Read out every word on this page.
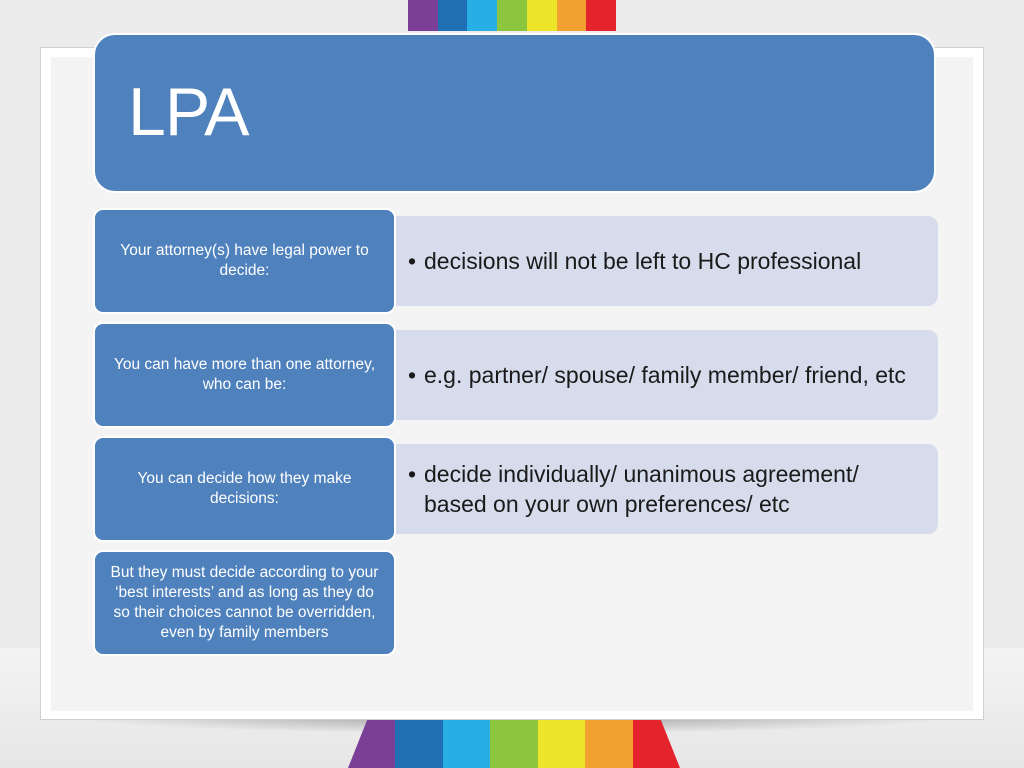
LPA
• decisions will not be left to HC professional
Your attorney(s) have legal power to decide:
• e.g. partner/ spouse/ family member/ friend, etc
You can have more than one attorney, who can be:
• decide individually/ unanimous agreement/ based on your own preferences/ etc
You can decide how they make decisions:
But they must decide according to your ‘best interests’ and as long as they do so their choices cannot be overridden, even by family members
